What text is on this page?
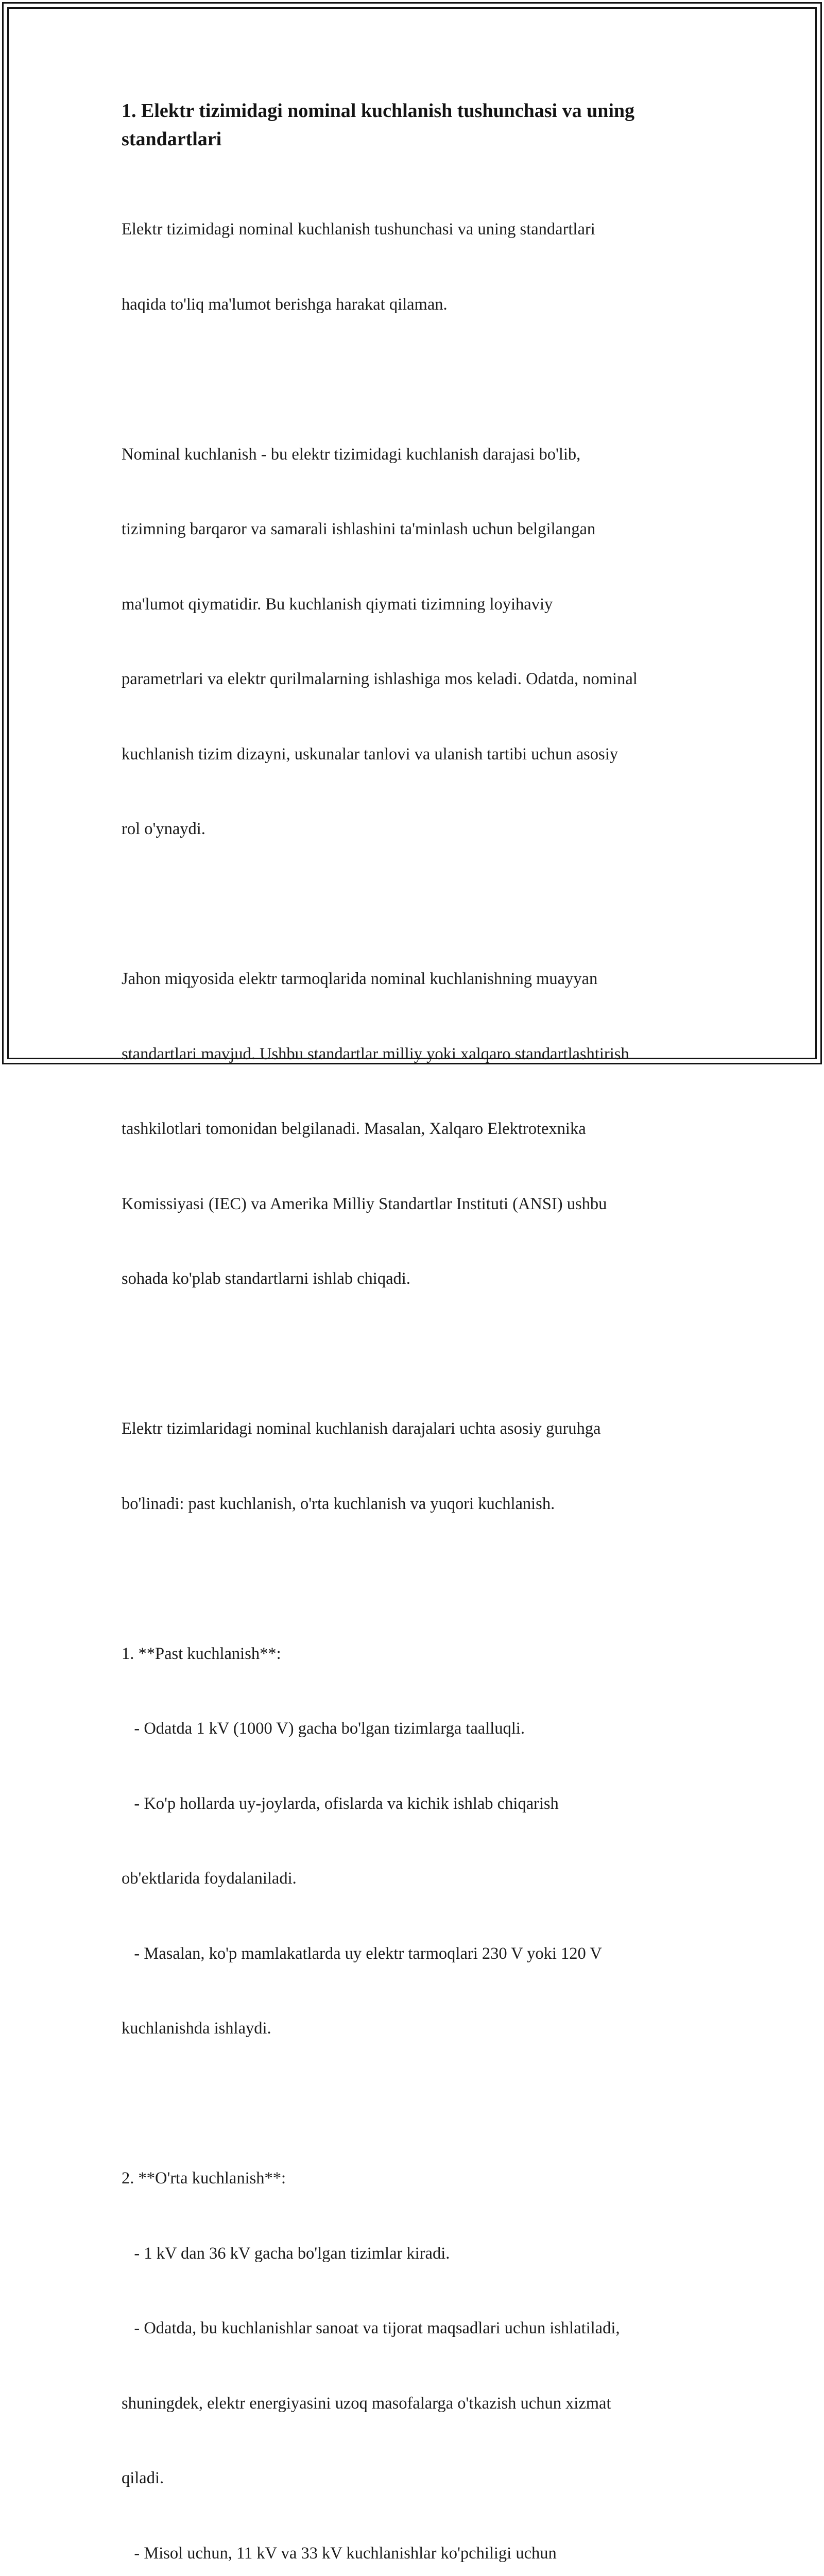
1. Elektr tizimidagi nominal kuchlanish tushunchasi va uning
standartlari

Elektr tizimidagi nominal kuchlanish tushunchasi va uning standartlari

haqida to'liq ma'lumot berishga harakat qilaman.

Nominal kuchlanish - bu elektr tizimidagi kuchlanish darajasi bo'lib,

tizimning barqaror va samarali ishlashini ta'minlash uchun belgilangan

ma'lumot qiymatidir. Bu kuchlanish qiymati tizimning loyihaviy

parametrlari va elektr qurilmalarning ishlashiga mos keladi. Odatda, nominal

kuchlanish tizim dizayni, uskunalar tanlovi va ulanish tartibi uchun asosiy

rol o'ynaydi.

Jahon miqyosida elektr tarmoqlarida nominal kuchlanishning muayyan

standartlari mavjud. Ushbu standartlar milliy yoki xalqaro standartlashtirish

tashkilotlari tomonidan belgilanadi. Masalan, Xalqaro Elektrotexnika

Komissiyasi (IEC) va Amerika Milliy Standartlar Instituti (ANSI) ushbu

sohada ko'plab standartlarni ishlab chiqadi.

Elektr tizimlaridagi nominal kuchlanish darajalari uchta asosiy guruhga

bo'linadi: past kuchlanish, o'rta kuchlanish va yuqori kuchlanish.

1. **Past kuchlanish**:

- Odatda 1 kV (1000 V) gacha bo'lgan tizimlarga taalluqli.

- Ko'p hollarda uy-joylarda, ofislarda va kichik ishlab chiqarish

ob'ektlarida foydalaniladi.

- Masalan, ko'p mamlakatlarda uy elektr tarmoqlari 230 V yoki 120 V

kuchlanishda ishlaydi.

2. **O'rta kuchlanish**:

- 1 kV dan 36 kV gacha bo'lgan tizimlar kiradi.

- Odatda, bu kuchlanishlar sanoat va tijorat maqsadlari uchun ishlatiladi,

shuningdek, elektr energiyasini uzoq masofalarga o'tkazish uchun xizmat

qiladi.

- Misol uchun, 11 kV va 33 kV kuchlanishlar ko'pchiligi uchun
